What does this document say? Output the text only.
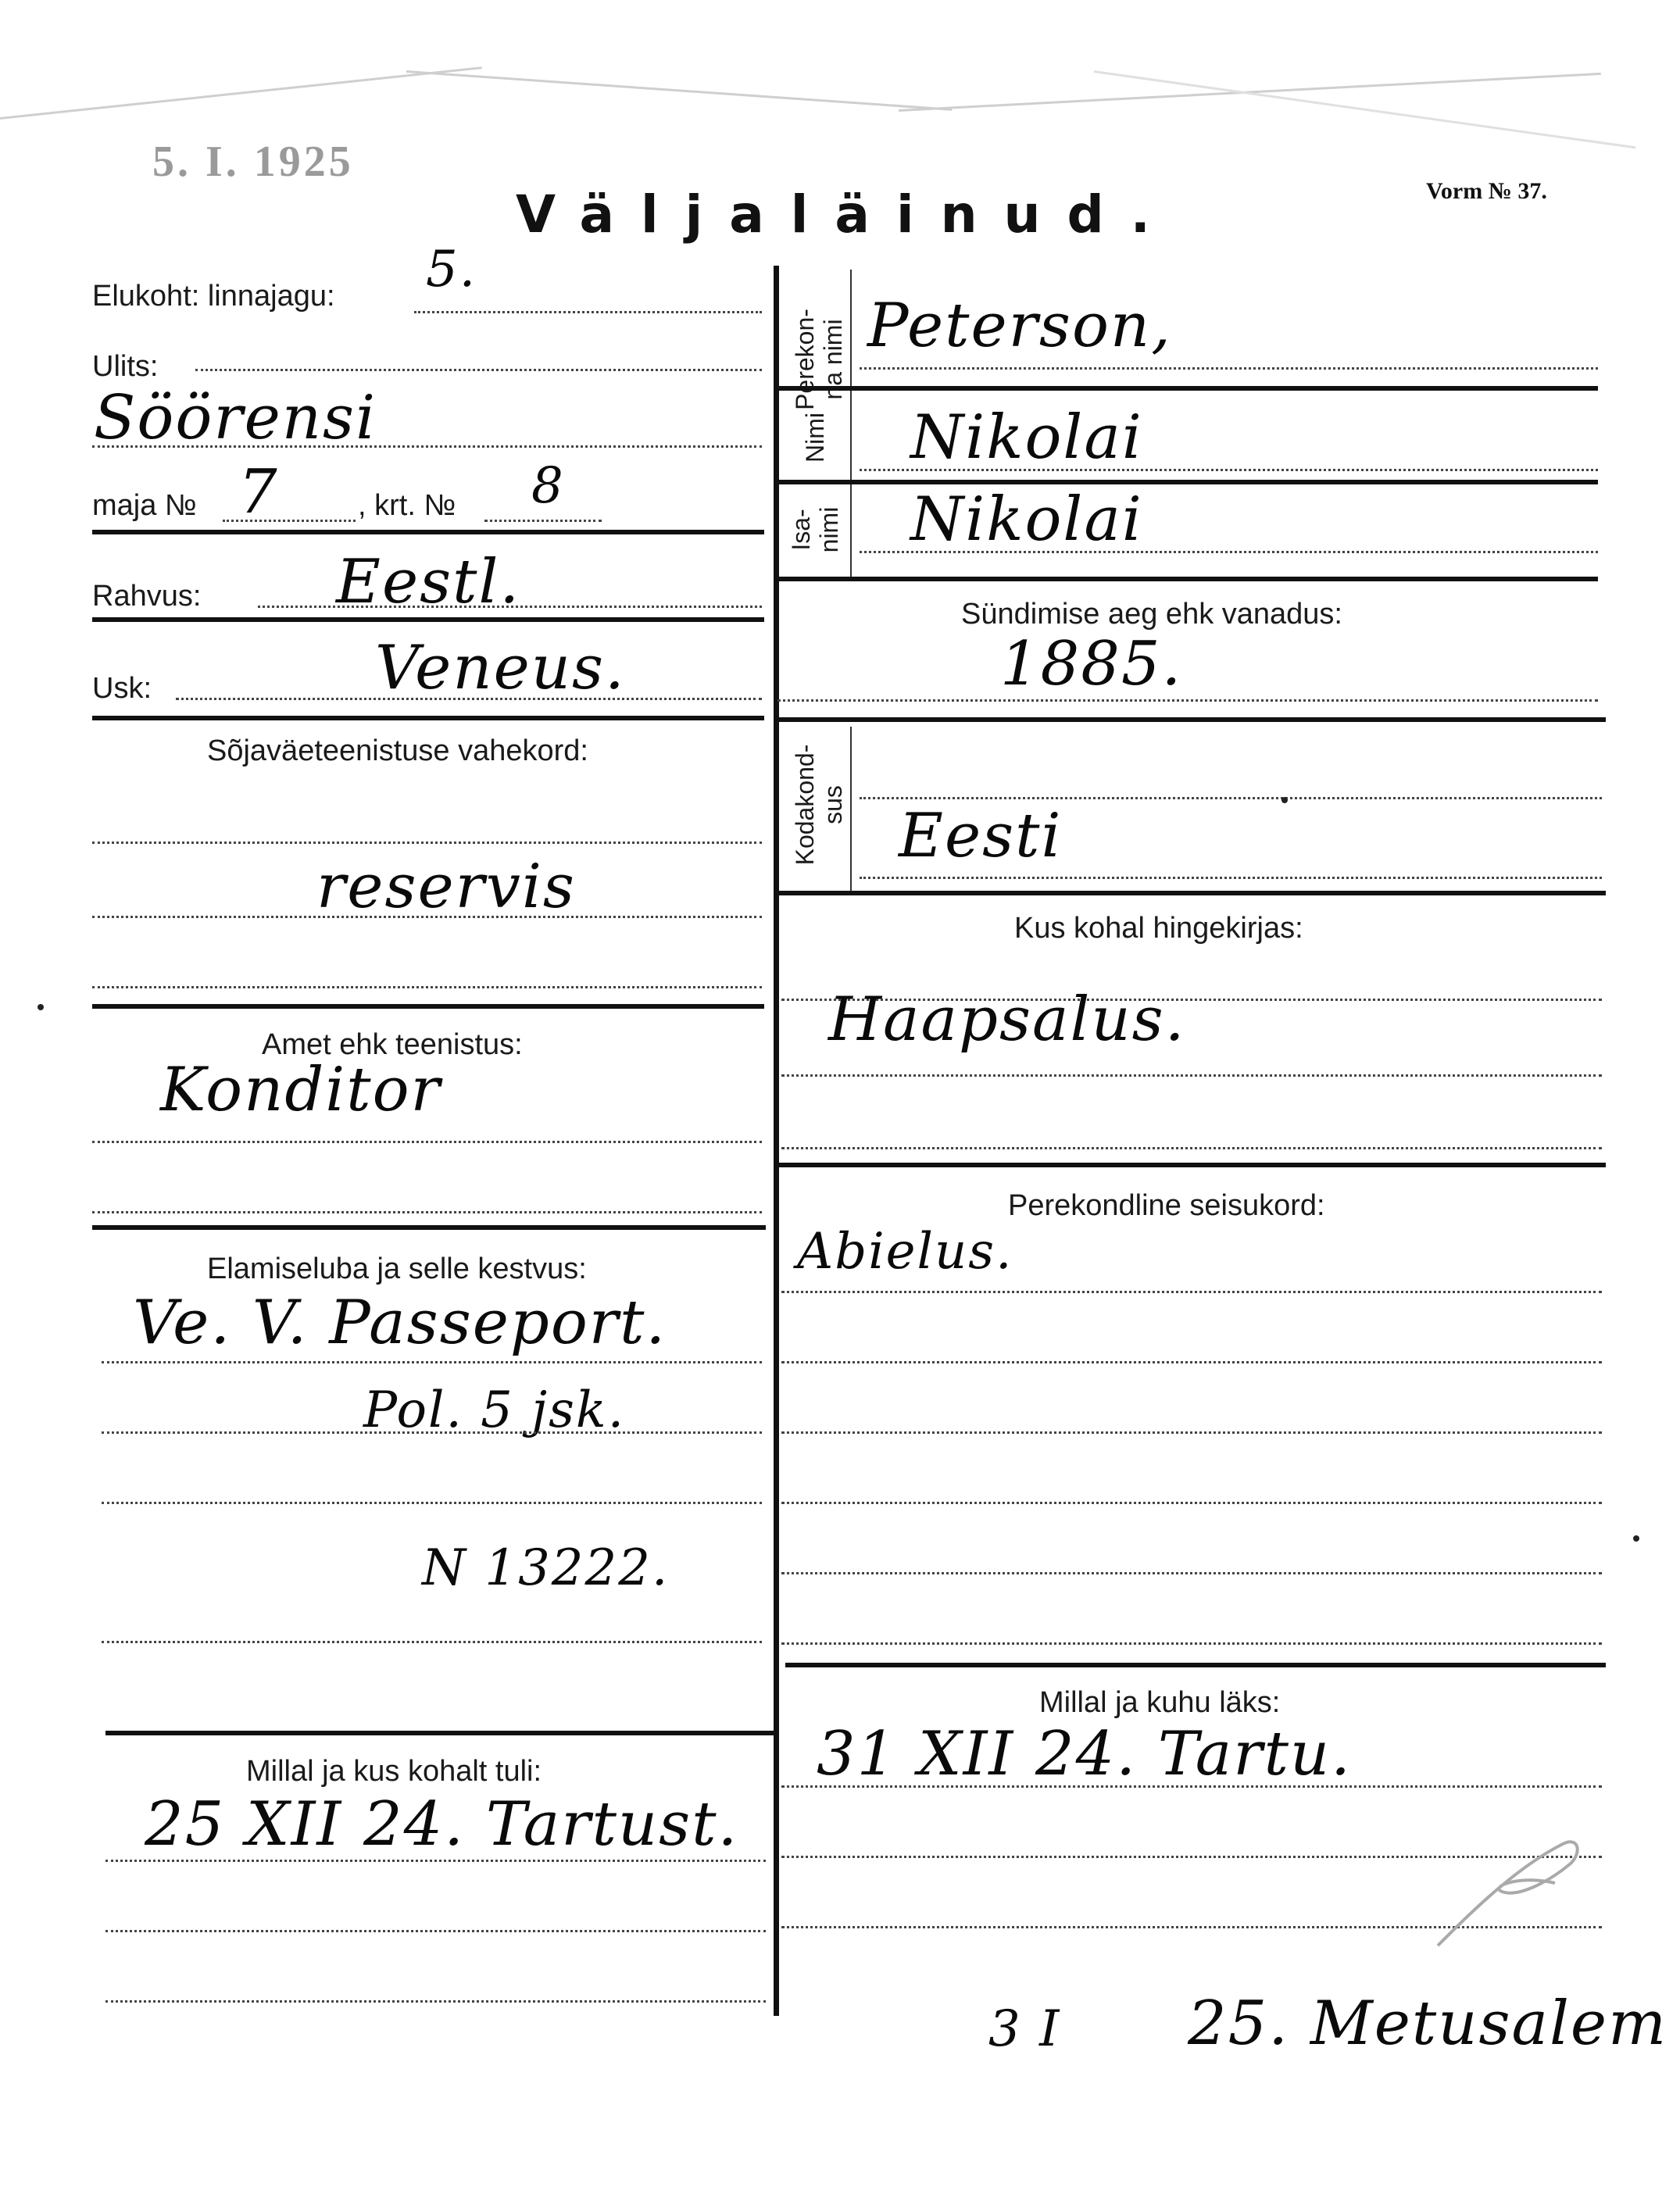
5. I. 1925
Väljaläinud.	Vorm № 37.
Elukoht: linnajagu: 5.
Ulits:
Söörensi
maja № 7	, krt. № 8
Rahvus: Eestl.
Usk:	Veneus.
Sõjaväeteenistuse vahekord:
reservis
Amet ehk teenistus:
Konditor
Elamiseluba ja selle kestvus:
Ve. V. Passeport.
Pol. 5 jsk.
N 13222.
Millal ja kus kohalt tuli:
25 XII 24. Tartust.
Perekon-
na nimi Peterson,
Nimi Nikolai
Isa-
nimi Nikolai
Sündimise aeg ehk vanadus:
1885.
Kodakond-
sus Eesti
Kus kohal hingekirjas:
Haapsalus.
Perekondline seisukord:
Abielus.
Millal ja kuhu läks:
31 XII 24. Tartu.
3 I 25. Metusalem
